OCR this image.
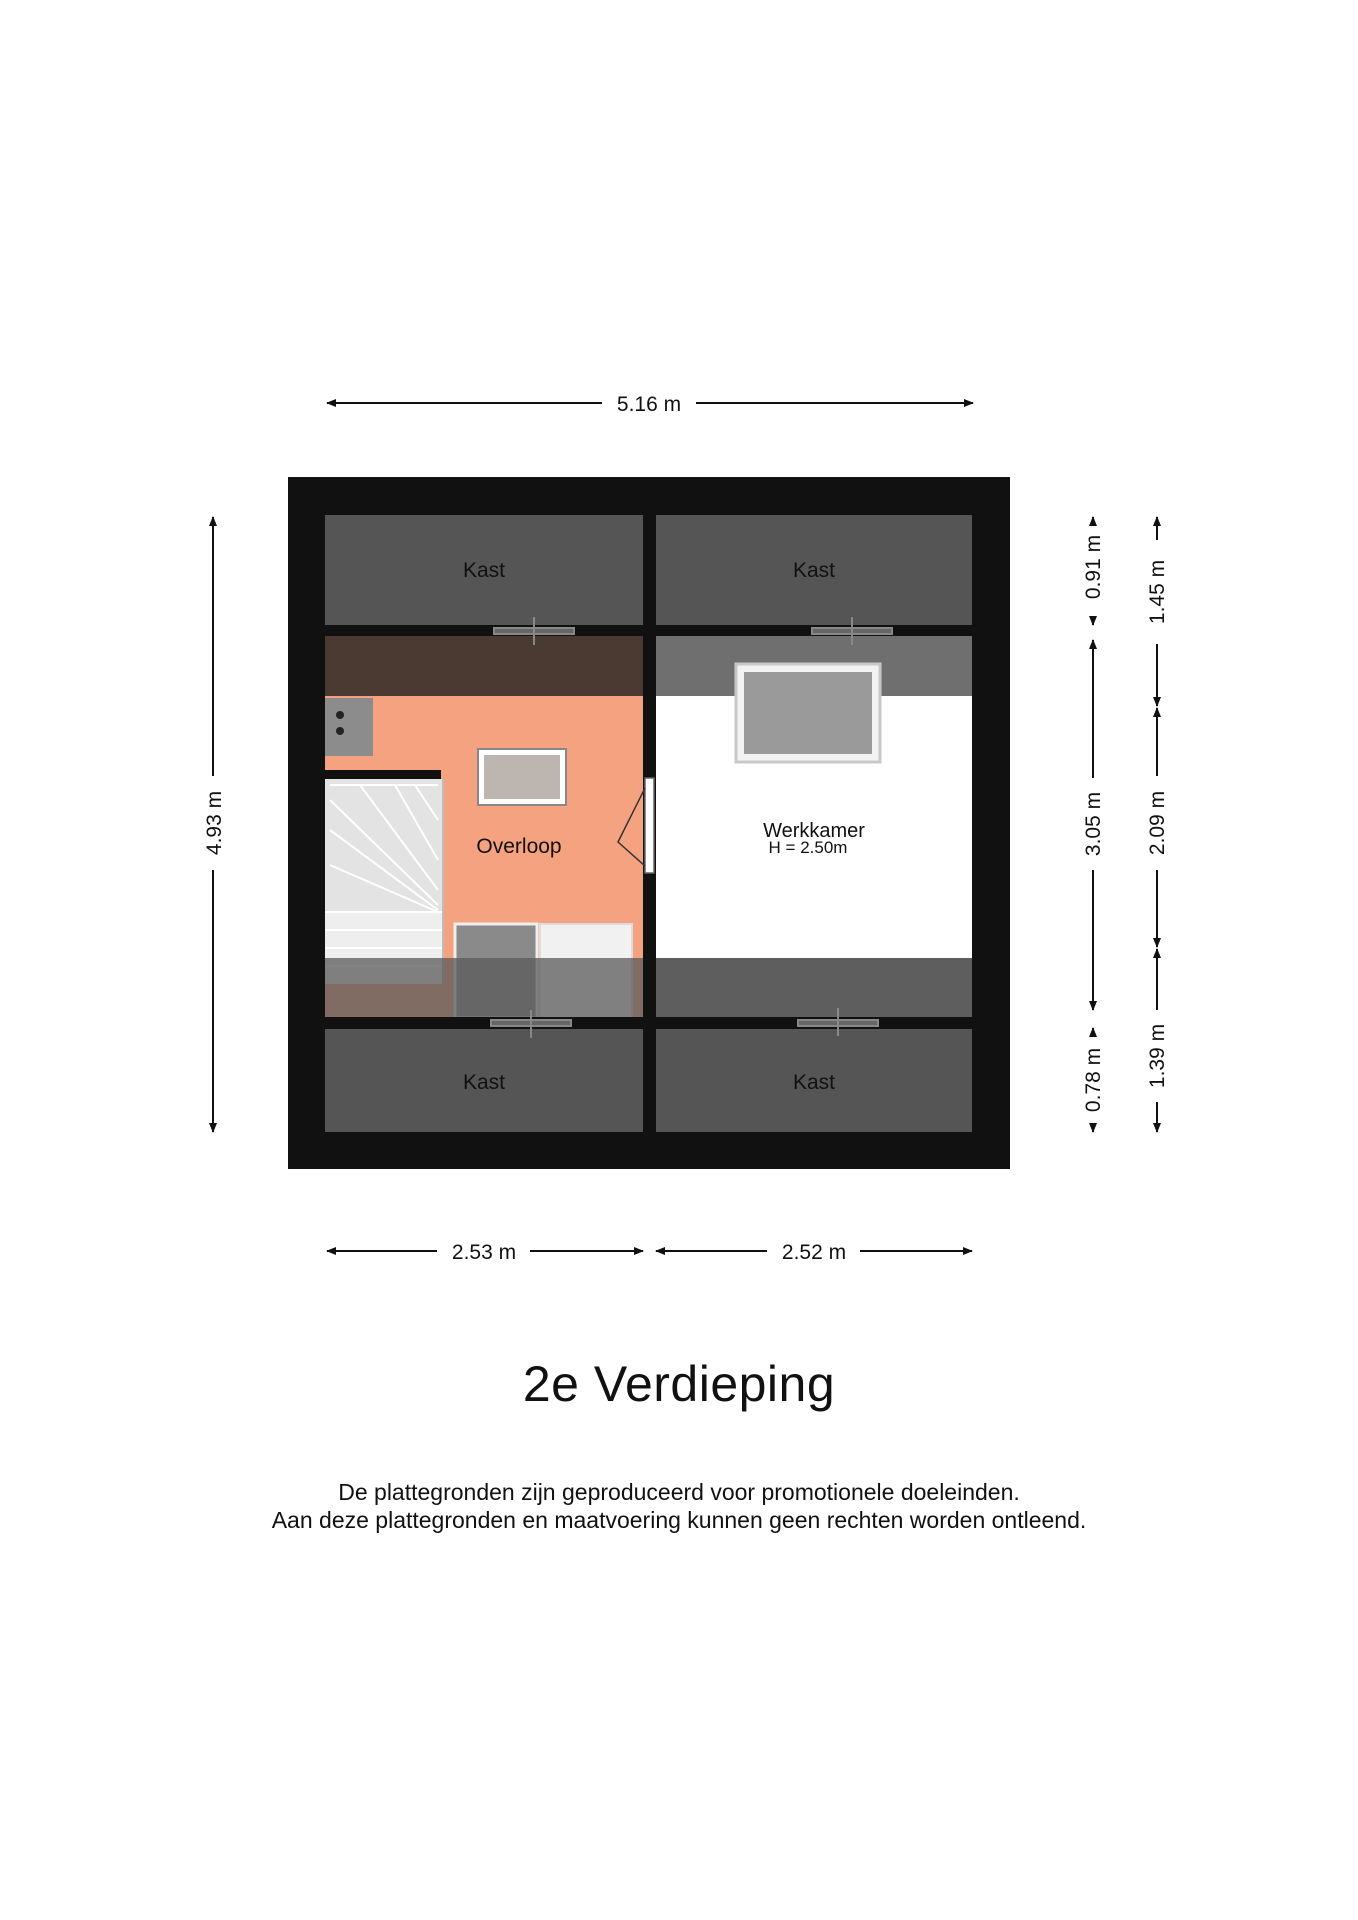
Kast	Kast
Kast	Kast
Overloop
Werkkamer
H = 2.50m
5.16 m
2.53 m	2.52 m
4.93 m
0.91 m
3.05 m
0.78 m
1.45 m
2.09 m
1.39 m
2e Verdieping
De plattegronden zijn geproduceerd voor promotionele doeleinden.
Aan deze plattegronden en maatvoering kunnen geen rechten worden ontleend.
